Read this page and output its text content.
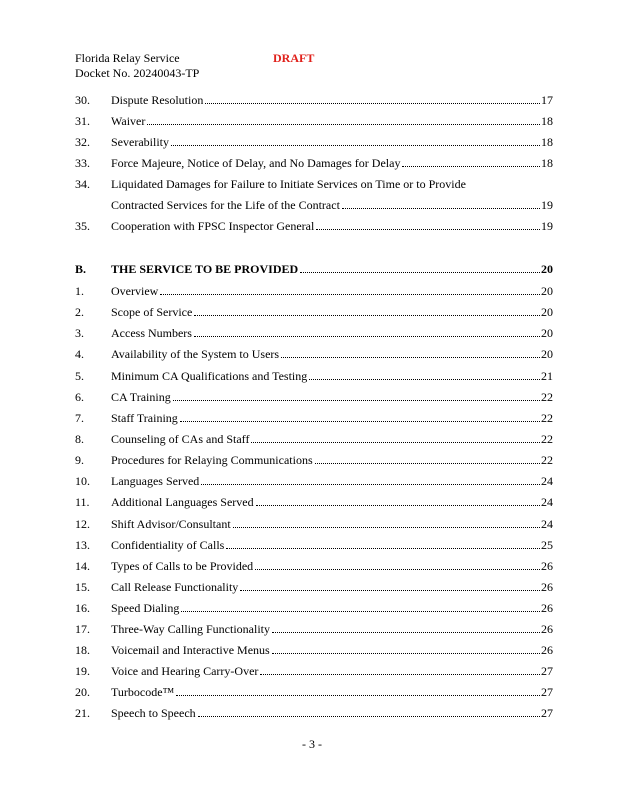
Florida Relay Service
Docket No. 20240043-TP
DRAFT
30. Dispute Resolution	17
31. Waiver	18
32. Severability	18
33. Force Majeure, Notice of Delay, and No Damages for Delay	18
34. Liquidated Damages for Failure to Initiate Services on Time or to Provide
Contracted Services for the Life of the Contract	19
35. Cooperation with FPSC Inspector General	19
B. THE SERVICE TO BE PROVIDED	20
1. Overview	20
2. Scope of Service	20
3. Access Numbers	20
4. Availability of the System to Users	20
5. Minimum CA Qualifications and Testing	21
6. CA Training	22
7. Staff Training	22
8. Counseling of CAs and Staff	22
9. Procedures for Relaying Communications	22
10. Languages Served	24
11. Additional Languages Served	24
12. Shift Advisor/Consultant	24
13. Confidentiality of Calls	25
14. Types of Calls to be Provided	26
15. Call Release Functionality	26
16. Speed Dialing	26
17. Three-Way Calling Functionality	26
18. Voicemail and Interactive Menus	26
19. Voice and Hearing Carry-Over	27
20. Turbocode™	27
21. Speech to Speech	27
- 3 -
